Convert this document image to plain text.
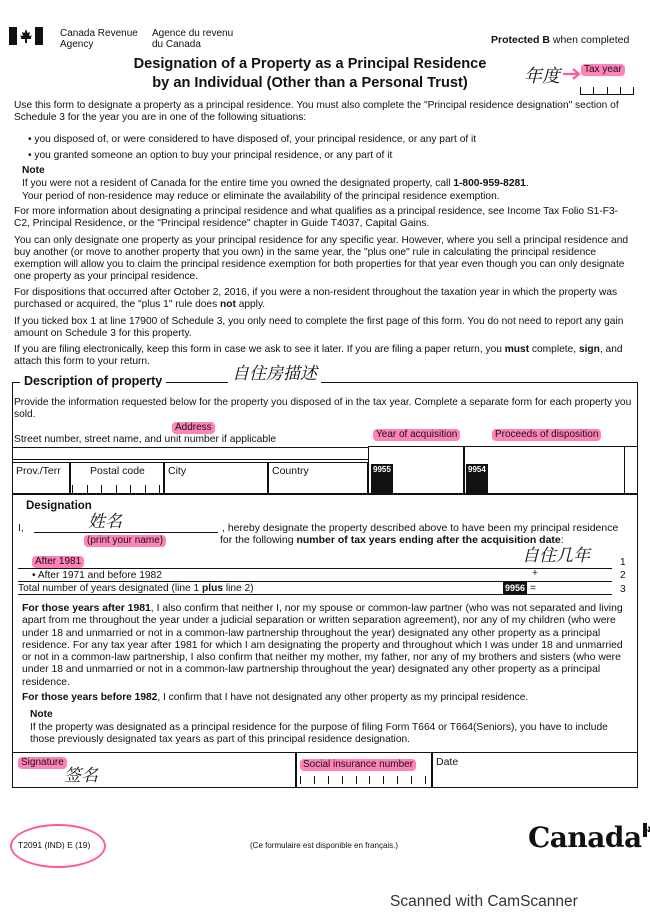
Canada Revenue
Agency
Agence du revenu
du Canada	Protected B when completed
Designation of a Property as a Principal Residence
by an Individual (Other than a Personal Trust)	年度	Tax year
Use this form to designate a property as a principal residence. You must also complete the "Principal residence designation" section of Schedule 3 for the year you are in one of the following situations:
• you disposed of, or were considered to have disposed of, your principal residence, or any part of it
• you granted someone an option to buy your principal residence, or any part of it
Note
If you were not a resident of Canada for the entire time you owned the designated property, call 1-800-959-8281.
Your period of non-residence may reduce or eliminate the availability of the principal residence exemption.
For more information about designating a principal residence and what qualifies as a principal residence, see Income Tax Folio S1-F3-C2, Principal Residence, or the "Principal residence" chapter in Guide T4037, Capital Gains.
You can only designate one property as your principal residence for any specific year. However, where you sell a principal residence and buy another (or move to another property that you own) in the same year, the "plus one" rule in calculating the principal residence exemption will allow you to claim the principal residence exemption for both properties for that year even though you can only designate one property as your principal residence.
For dispositions that occurred after October 2, 2016, if you were a non-resident throughout the taxation year in which the property was purchased or acquired, the "plus 1" rule does not apply.
If you ticked box 1 at line 17900 of Schedule 3, you only need to complete the first page of this form. You do not need to report any gain amount on Schedule 3 for this property.
If you are filing electronically, keep this form in case we ask to see it later. If you are filing a paper return, you must complete, sign, and attach this form to your return.
Description of property	自住房描述
Provide the information requested below for the property you disposed of in the tax year. Complete a separate form for each property you sold.
Address
Street number, street name, and unit number if applicable	Year of acquisition	Proceeds of disposition
9955	9954
Prov./Terr	Postal code	City	Country
Designation
I,	姓名
(print your name)
, hereby designate the property described above to have been my principal residence
for the following number of tax years ending after the acquisition date:
After 1981	自住几年	1
• After 1971 and before 1982	+	2
Total number of years designated (line 1 plus line 2)	9956 =	3
For those years after 1981, I also confirm that neither I, nor my spouse or common-law partner (who was not separated and living apart from me throughout the year under a judicial separation or written separation agreement), nor any of my children (who were under 18 and unmarried or not in a common-law partnership throughout the year) designated any other property as a principal residence. For any tax year after 1981 for which I am designating the property and throughout which I was under 18 and unmarried or not in a common-law partnership, I also confirm that neither my mother, my father, nor any of my brothers and sisters (who were under 18 and unmarried or not in a common-law partnership throughout the year) designated any other property as a principal residence.
For those years before 1982, I confirm that I have not designated any other property as my principal residence.
Note
If the property was designated as a principal residence for the purpose of filing Form T664 or T664(Seniors), you have to include those previously designated tax years as part of this principal residence designation.
Signature
签名
Social insurance number Date
T2091 (IND) E (19)	(Ce formulaire est disponible en français.)	Canada
Scanned with CamScanner
